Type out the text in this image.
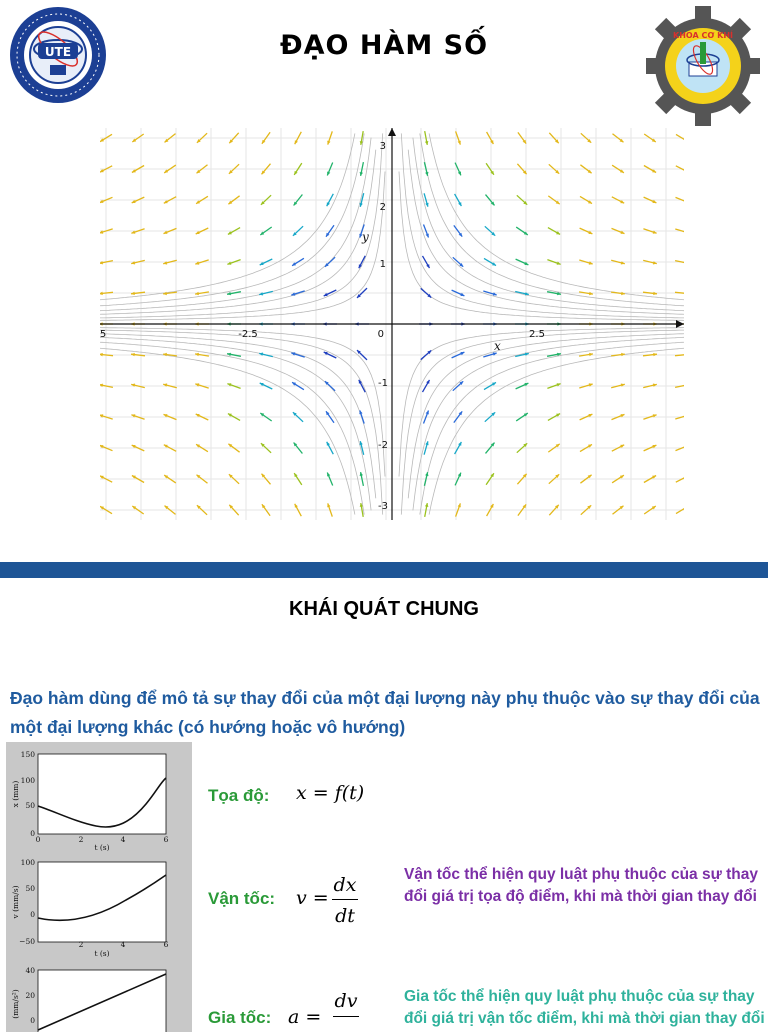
ĐẠO HÀM SỐ
UTE
KHOA CƠ KHÍ
3
2
1
0
-1
-2
-3
-2.5	2.5
5
x
y
KHÁI QUÁT CHUNG
Đạo hàm dùng để mô tả sự thay đổi của một đại lượng này phụ thuộc vào sự thay đổi của một đại lượng khác (có hướng hoặc vô hướng)
150
100
50
0
0	2	4	6
t (s)
x (mm)
100
50
0
−50	2	4	6
t (s)
v (mm/s)
40
20
0
(mm/s²)
Tọa độ: x = f(t)
Vận tốc: v =
dx
dt
Vận tốc thể hiện quy luật phụ thuộc của sự thay đổi giá trị tọa độ điểm, khi mà thời gian thay đổi
Gia tốc: a =
dv	Gia tốc thể hiện quy luật phụ thuộc của sự thay đổi giá trị vận tốc điểm, khi mà thời gian thay đổi
